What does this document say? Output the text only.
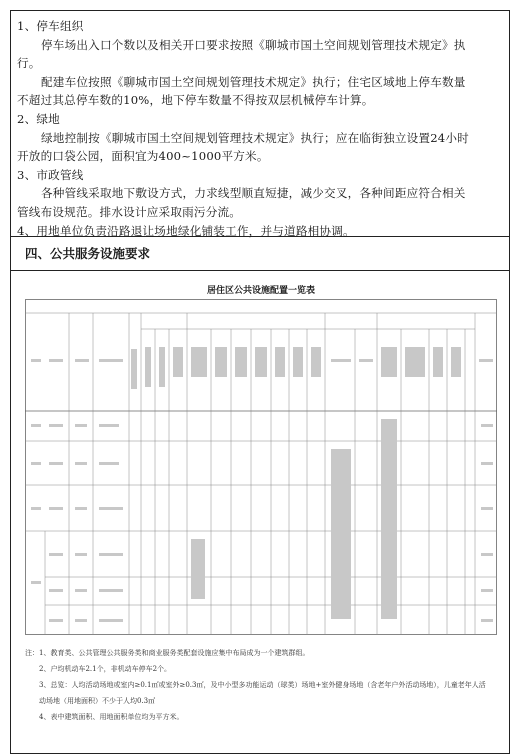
1、停车组织
停车场出入口个数以及相关开口要求按照《聊城市国土空间规划管理技术规定》执
行。
配建车位按照《聊城市国土空间规划管理技术规定》执行；住宅区域地上停车数量
不超过其总停车数的10%，地下停车数量不得按双层机械停车计算。
2、绿地
绿地控制按《聊城市国土空间规划管理技术规定》执行；应在临街独立设置24小时
开放的口袋公园，面积宜为400~1000平方米。
3、市政管线
各种管线采取地下敷设方式，力求线型顺直短捷，减少交叉，各种间距应符合相关
管线布设规范。排水设计应采取雨污分流。
4、用地单位负责沿路退让场地绿化铺装工作，并与道路相协调。
四、公共服务设施要求
居住区公共设施配置一览表
注：1、教育类、公共管理公共服务类和商业服务类配套设施应集中布局成为一个建筑群组。
2、户均机动车2.1个，非机动车停车2个。
3、总览：人均活动场地或室内≥0.1㎡或室外≥0.3㎡，及中小型多功能运动（球类）场地+室外健身场地（含老年户外活动场地），儿童老年人活
动场地（用地面积）不少于人均0.3㎡
4、表中建筑面积、用地面积单位均为平方米。
